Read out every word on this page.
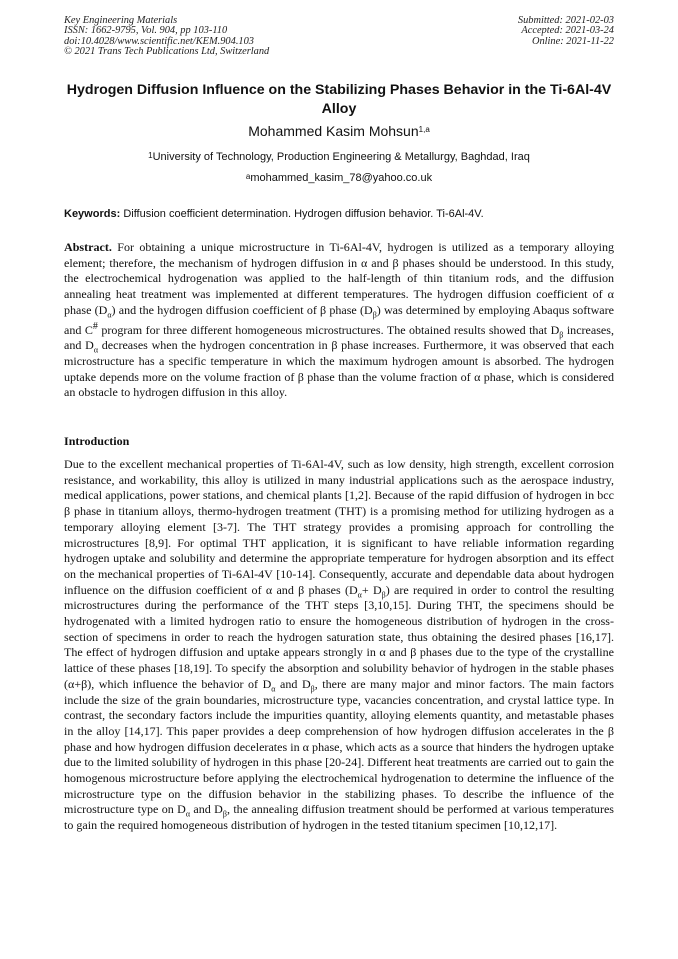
Key Engineering Materials
ISSN: 1662-9795, Vol. 904, pp 103-110
doi:10.4028/www.scientific.net/KEM.904.103
© 2021 Trans Tech Publications Ltd, Switzerland
Submitted: 2021-02-03
Accepted: 2021-03-24
Online: 2021-11-22
Hydrogen Diffusion Influence on the Stabilizing Phases Behavior in the Ti-6Al-4V Alloy
Mohammed Kasim Mohsun$^{1,a}$
$^1$University of Technology, Production Engineering & Metallurgy, Baghdad, Iraq
$^a$mohammed_kasim_78@yahoo.co.uk
Keywords: Diffusion coefficient determination. Hydrogen diffusion behavior. Ti-6Al-4V.

Abstract. For obtaining a unique microstructure in Ti-6Al-4V, hydrogen is utilized as a temporary alloying element; therefore, the mechanism of hydrogen diffusion in α and β phases should be understood. In this study, the electrochemical hydrogenation was applied to the half-length of thin titanium rods, and the diffusion annealing heat treatment was implemented at different temperatures. The hydrogen diffusion coefficient of α phase $(D_\alpha)$ and the hydrogen diffusion coefficient of β phase $(D_\beta)$ was determined by employing Abaqus software and C# program for three different homogeneous microstructures. The obtained results showed that $D_\beta$ increases, and $D_\alpha$ decreases when the hydrogen concentration in β phase increases. Furthermore, it was observed that each microstructure has a specific temperature in which the maximum hydrogen amount is absorbed. The hydrogen uptake depends more on the volume fraction of β phase than the volume fraction of α phase, which is considered an obstacle to hydrogen diffusion in this alloy.

Introduction

Due to the excellent mechanical properties of Ti-6Al-4V, such as low density, high strength, excellent corrosion resistance, and workability, this alloy is utilized in many industrial applications such as the aerospace industry, medical applications, power stations, and chemical plants [1,2]. Because of the rapid diffusion of hydrogen in bcc β phase in titanium alloys, thermo-hydrogen treatment (THT) is a promising method for utilizing hydrogen as a temporary alloying element [3-7]. The THT strategy provides a promising approach for controlling the microstructures [8,9]. For optimal THT application, it is significant to have reliable information regarding hydrogen uptake and solubility and determine the appropriate temperature for hydrogen absorption and its effect on the mechanical properties of Ti-6Al-4V [10-14]. Consequently, accurate and dependable data about hydrogen influence on the diffusion coefficient of α and β phases $(D_\alpha+ D_\beta)$ are required in order to control the resulting microstructures during the performance of the THT steps [3,10,15]. During THT, the specimens should be hydrogenated with a limited hydrogen ratio to ensure the homogeneous distribution of hydrogen in the cross-section of specimens in order to reach the hydrogen saturation state, thus obtaining the desired phases [16,17]. The effect of hydrogen diffusion and uptake appears strongly in α and β phases due to the type of the crystalline lattice of these phases [18,19]. To specify the absorption and solubility behavior of hydrogen in the stable phases (α+β), which influence the behavior of $D_\alpha$ and $D_\beta$, there are many major and minor factors. The main factors include the size of the grain boundaries, microstructure type, vacancies concentration, and crystal lattice type. In contrast, the secondary factors include the impurities quantity, alloying elements quantity, and metastable phases in the alloy [14,17]. This paper provides a deep comprehension of how hydrogen diffusion accelerates in the β phase and how hydrogen diffusion decelerates in α phase, which acts as a source that hinders the hydrogen uptake due to the limited solubility of hydrogen in this phase [20-24]. Different heat treatments are carried out to gain the homogenous microstructure before applying the electrochemical hydrogenation to determine the influence of the microstructure type on the diffusion behavior in the stabilizing phases. To describe the influence of the microstructure type on $D_\alpha$ and $D_\beta$, the annealing diffusion treatment should be performed at various temperatures to gain the required homogeneous distribution of hydrogen in the tested titanium specimen [10,12,17].
